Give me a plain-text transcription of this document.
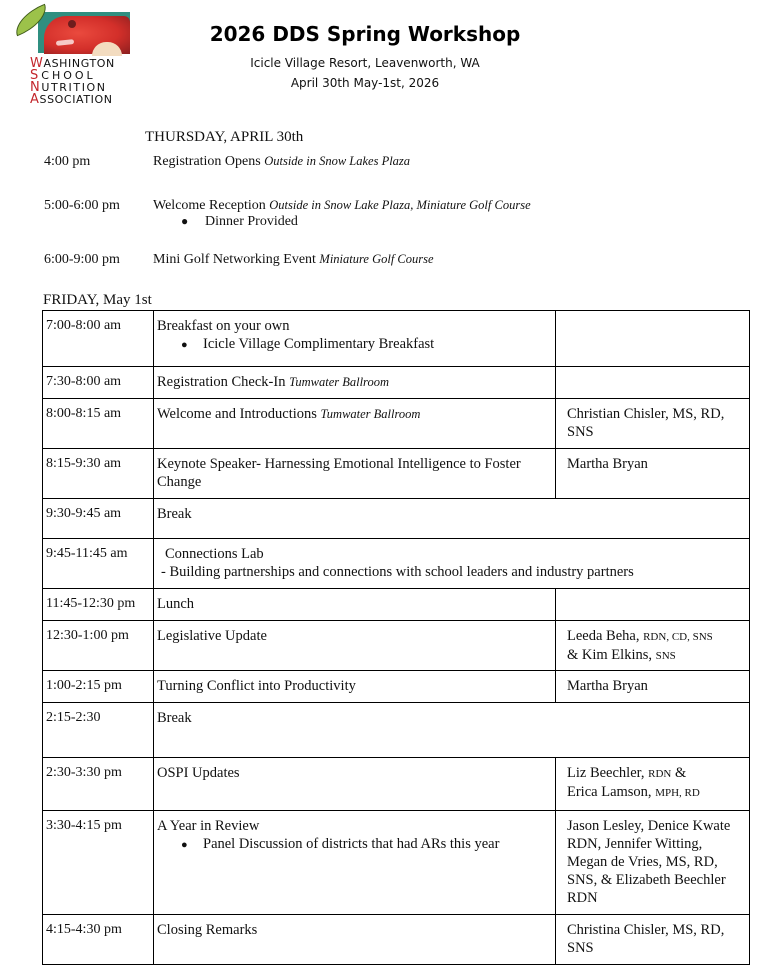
WASHINGTON
SCHOOL
NUTRITION
ASSOCIATION
2026 DDS Spring Workshop
Icicle Village Resort, Leavenworth, WA
April 30th May-1st, 2026
THURSDAY, APRIL 30th
4:00 pm	Registration Opens Outside in Snow Lakes Plaza
5:00-6:00 pm	Welcome Reception Outside in Snow Lake Plaza, Miniature Golf Course
● Dinner Provided
6:00-9:00 pm	Mini Golf Networking Event Miniature Golf Course
FRIDAY, May 1st
7:00-8:00 am	Breakfast on your own
● Icicle Village Complimentary Breakfast	

7:30-8:00 am	Registration Check-In Tumwater Ballroom	
8:00-8:15 am	Welcome and Introductions Tumwater Ballroom	Christian Chisler, MS, RD, SNS
8:15-9:30 am	Keynote Speaker- Harnessing Emotional Intelligence to Foster Change	Martha Bryan
9:30-9:45 am	Break	
9:45-11:45 am	Connections Lab
- Building partnerships and connections with school leaders and industry partners	

11:45-12:30 pm	Lunch	
12:30-1:00 pm	Legislative Update	Leeda Beha, RDN, CD, SNS
& Kim Elkins, SNS

1:00-2:15 pm	Turning Conflict into Productivity	Martha Bryan
2:15-2:30	Break	
2:30-3:30 pm	OSPI Updates	Liz Beechler, RDN &
Erica Lamson, MPH, RD

3:30-4:15 pm	A Year in Review
● Panel Discussion of districts that had ARs this year	Jason Lesley, Denice Kwate RDN, Jennifer Witting, Megan de Vries, MS, RD, SNS, & Elizabeth Beechler RDN
4:15-4:30 pm	Closing Remarks	Christina Chisler, MS, RD, SNS
